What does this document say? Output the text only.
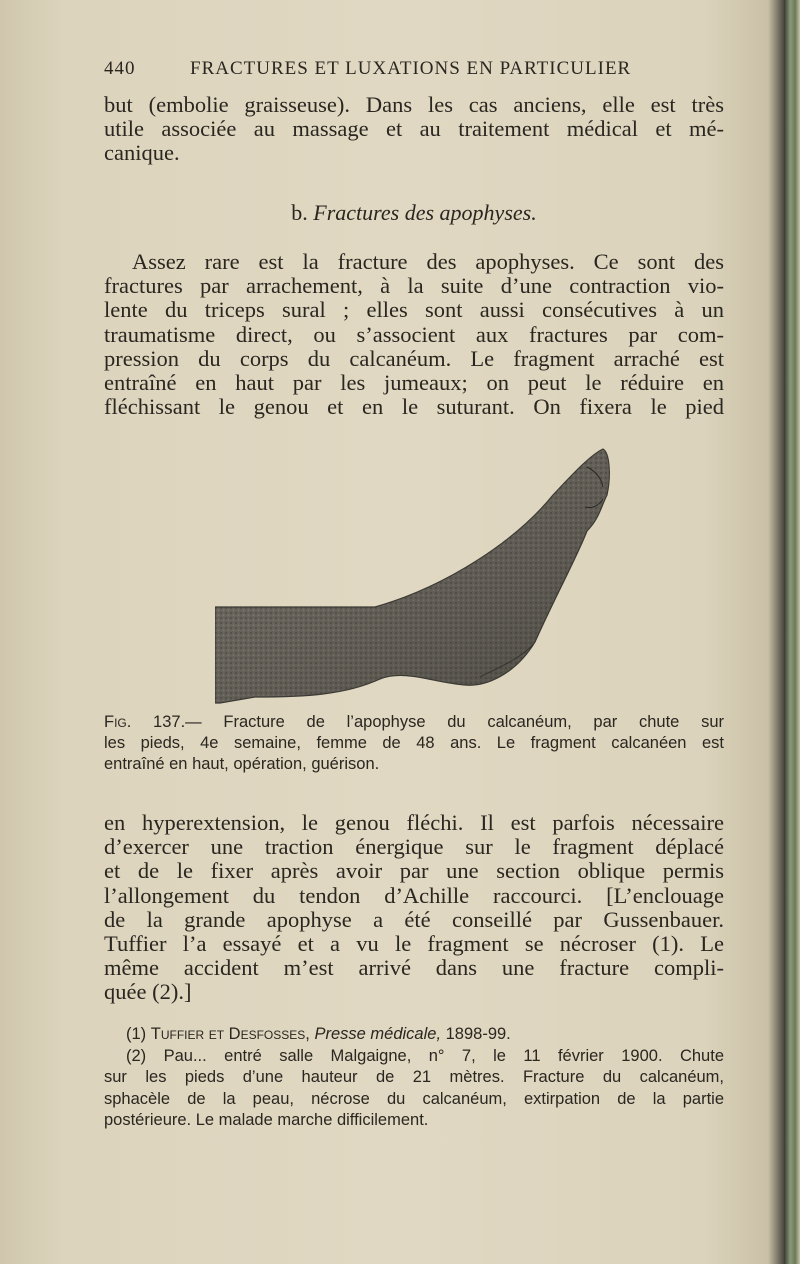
440	FRACTURES ET LUXATIONS EN PARTICULIER
but (embolie graisseuse). Dans les cas anciens, elle est très
utile associée au massage et au traitement médical et mé-
canique.
b. Fractures des apophyses.
Assez rare est la fracture des apophyses. Ce sont des
fractures par arrachement, à la suite d’une contraction vio-
lente du triceps sural ; elles sont aussi consécutives à un
traumatisme direct, ou s’associent aux fractures par com-
pression du corps du calcanéum. Le fragment arraché est
entraîné en haut par les jumeaux; on peut le réduire en
fléchissant le genou et en le suturant. On fixera le pied
Fig. 137.— Fracture de l’apophyse du calcanéum, par chute sur
les pieds, 4e semaine, femme de 48 ans. Le fragment calcanéen est
entraîné en haut, opération, guérison.
en hyperextension, le genou fléchi. Il est parfois nécessaire
d’exercer une traction énergique sur le fragment déplacé
et de le fixer après avoir par une section oblique permis
l’allongement du tendon d’Achille raccourci. [L’enclouage
de la grande apophyse a été conseillé par Gussenbauer.
Tuffier l’a essayé et a vu le fragment se nécroser (1). Le
même accident m’est arrivé dans une fracture compli-
quée (2).]
(1) Tuffier et Desfosses, Presse médicale, 1898-99.
(2) Pau... entré salle Malgaigne, n° 7, le 11 février 1900. Chute
sur les pieds d’une hauteur de 21 mètres. Fracture du calcanéum,
sphacèle de la peau, nécrose du calcanéum, extirpation de la partie
postérieure. Le malade marche difficilement.
